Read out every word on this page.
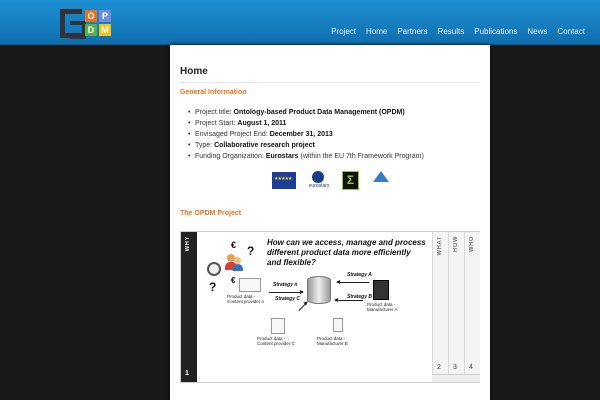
O P
D M	Project	Home	Partners	Results	Publications	News	Contact
Home
General Information
• Project title: Ontology-based Product Data Management (OPDM)
• Project Start: August 1, 2011
• Envisaged Project End: December 31, 2013
• Type: Collaborative research project
• Funding Organization: Eurostars (within the EU 7th Framework Program)
★★★★★
eurostars	Σ
The OPDM Project
WHY
1
How can we access, manage and process different product data more efficiently and flexible?
€ ?
? €	Strategy n
Product data - Content provider n
Strategy A
Product data - Manufacturer A
Strategy C
Product data - Content provider C
Strategy B
Product data - Manufacturer B
WHAT
2
HOW
3
WHO
4
